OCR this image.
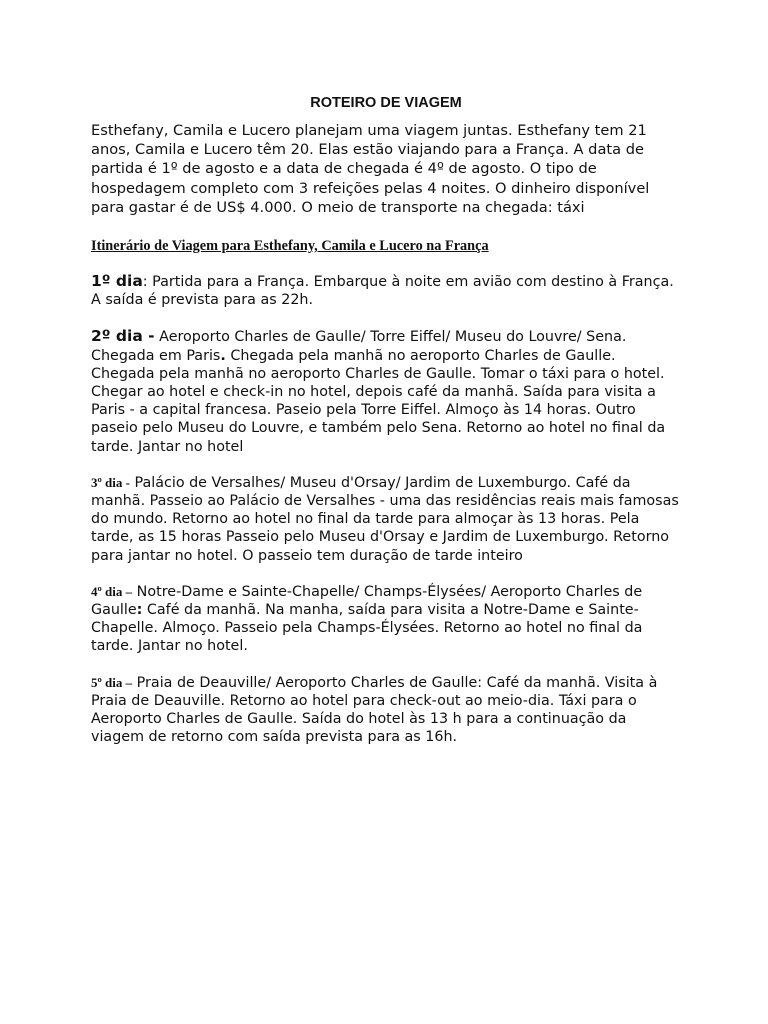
ROTEIRO DE VIAGEM

Esthefany, Camila e Lucero planejam uma viagem juntas. Esthefany tem 21 anos, Camila e Lucero têm 20. Elas estão viajando para a França. A data de partida é 1º de agosto e a data de chegada é 4º de agosto. O tipo de hospedagem completo com 3 refeições pelas 4 noites. O dinheiro disponível para gastar é de US$ 4.000. O meio de transporte na chegada: táxi

Itinerário de Viagem para Esthefany, Camila e Lucero na França

1º dia: Partida para a França. Embarque à noite em avião com destino à França. A saída é prevista para as 22h.

2º dia - Aeroporto Charles de Gaulle/ Torre Eiffel/ Museu do Louvre/ Sena. Chegada em Paris. Chegada pela manhã no aeroporto Charles de Gaulle. Chegada pela manhã no aeroporto Charles de Gaulle. Tomar o táxi para o hotel. Chegar ao hotel e check-in no hotel, depois café da manhã. Saída para visita a Paris - a capital francesa. Paseio pela Torre Eiffel. Almoço às 14 horas. Outro paseio pelo Museu do Louvre, e também pelo Sena. Retorno ao hotel no final da tarde. Jantar no hotel

3º dia - Palácio de Versalhes/ Museu d'Orsay/ Jardim de Luxemburgo. Café da manhã. Passeio ao Palácio de Versalhes - uma das residências reais mais famosas do mundo. Retorno ao hotel no final da tarde para almoçar às 13 horas. Pela tarde, as 15 horas Passeio pelo Museu d'Orsay e Jardim de Luxemburgo. Retorno para jantar no hotel. O passeio tem duração de tarde inteiro

4º dia – Notre-Dame e Sainte-Chapelle/ Champs-Élysées/ Aeroporto Charles de Gaulle: Café da manhã. Na manha, saída para visita a Notre-Dame e Sainte-Chapelle. Almoço. Passeio pela Champs-Élysées. Retorno ao hotel no final da tarde. Jantar no hotel.

5º dia – Praia de Deauville/ Aeroporto Charles de Gaulle: Café da manhã. Visita à Praia de Deauville. Retorno ao hotel para check-out ao meio-dia. Táxi para o Aeroporto Charles de Gaulle. Saída do hotel às 13 h para a continuação da viagem de retorno com saída prevista para as 16h.
